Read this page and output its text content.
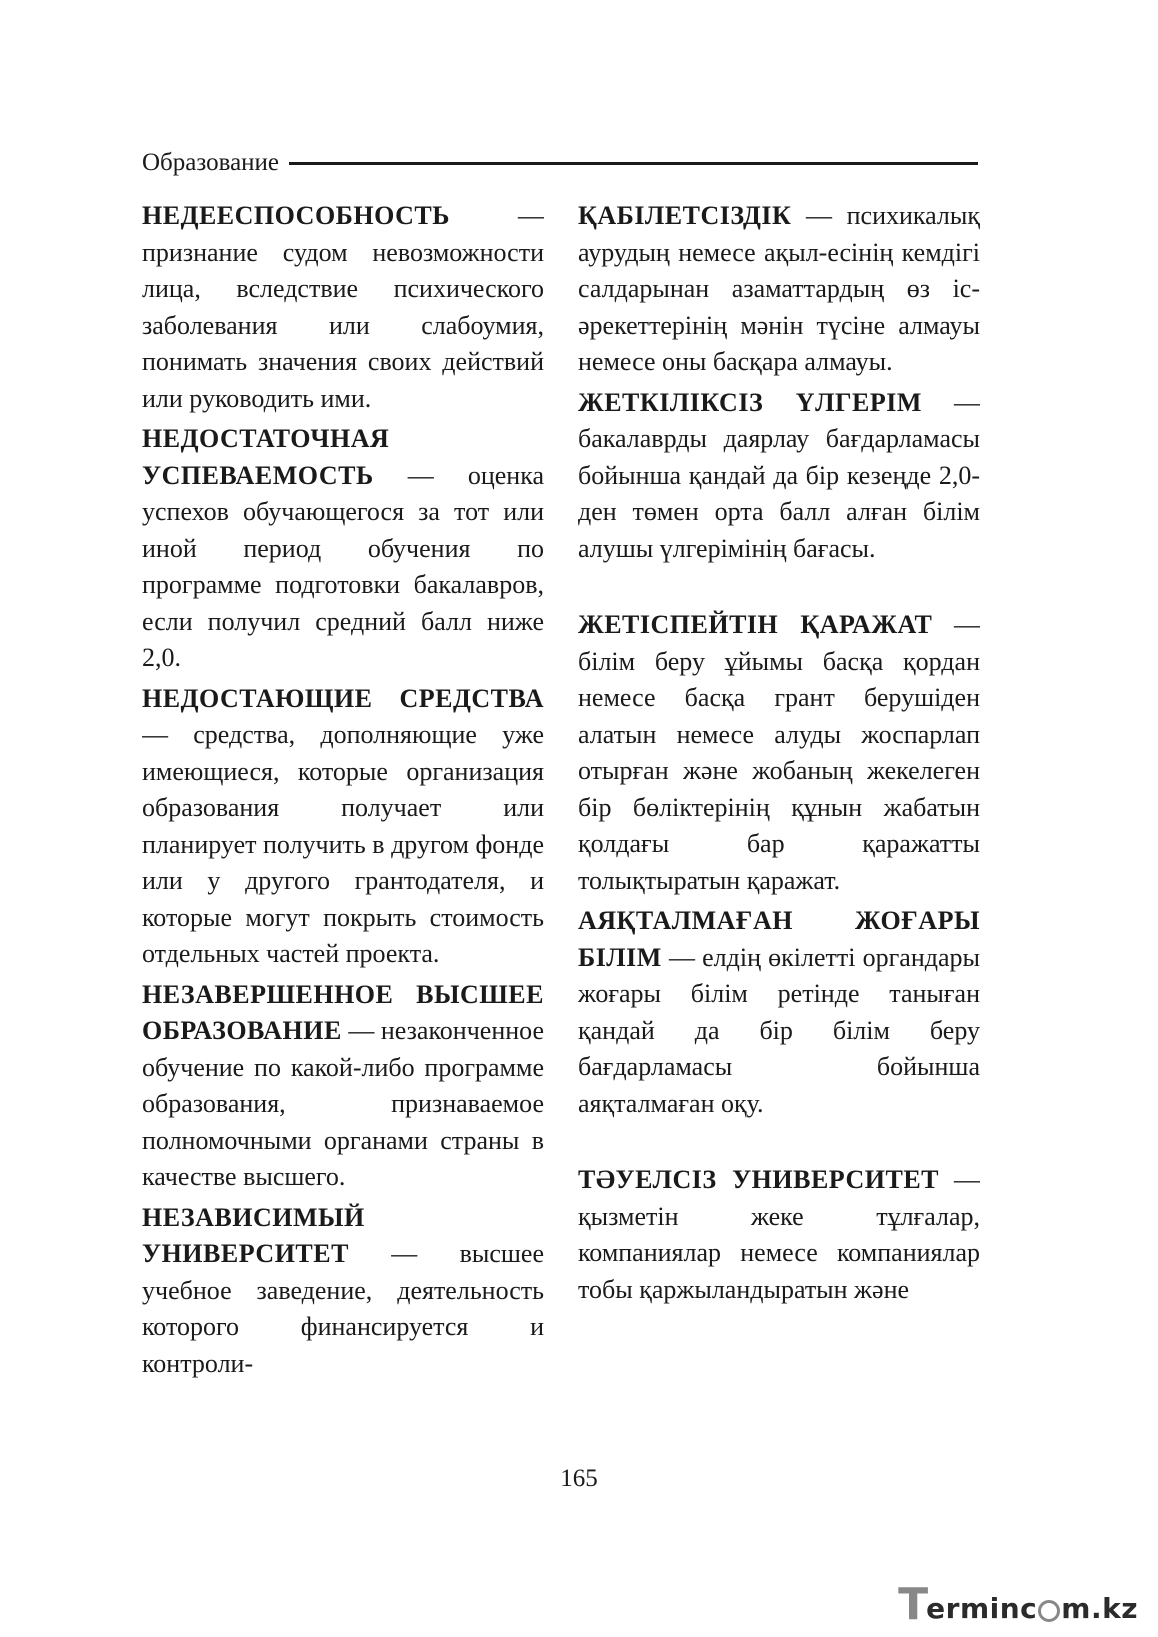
Образование

НЕДЕЕСПОСОБНОСТЬ — признание судом невозможности лица, вследствие психического заболевания или слабоумия, понимать значения своих действий или руководить ими.

НЕДОСТАТОЧНАЯ УСПЕВАЕМОСТЬ — оценка успехов обучающегося за тот или иной период обучения по программе подготовки бакалавров, если получил средний балл ниже 2,0.

НЕДОСТАЮЩИЕ СРЕДСТВА — средства, дополняющие уже имеющиеся, которые организация образования получает или планирует получить в другом фонде или у другого грантодателя, и которые могут покрыть стоимость отдельных частей проекта.

НЕЗАВЕРШЕННОЕ ВЫСШЕЕ ОБРАЗОВАНИЕ — незаконченное обучение по какой-либо программе образования, признаваемое полномочными органами страны в качестве высшего.

НЕЗАВИСИМЫЙ УНИВЕРСИТЕТ — высшее учебное заведение, деятельность которого финансируется и контроли-

ҚАБІЛЕТСІЗДІК — психикалық аурудың немесе ақыл-есінің кемдігі салдарынан азаматтардың өз іс-әрекеттерінің мәнін түсіне алмауы немесе оны басқара алмауы.

ЖЕТКІЛІКСІЗ ҮЛГЕРІМ — бакалаврды даярлау бағдарламасы бойынша қандай да бір кезеңде 2,0-ден төмен орта балл алған білім алушы үлгерімінің бағасы.

ЖЕТІСПЕЙТІН ҚАРАЖАТ — білім беру ұйымы басқа қордан немесе басқа грант берушіден алатын немесе алуды жоспарлап отырған және жобаның жекелеген бір бөліктерінің құнын жабатын қолдағы бар қаражатты толықтыратын қаражат.

АЯҚТАЛМАҒАН ЖОҒАРЫ БІЛІМ — елдің өкілетті органдары жоғары білім ретінде таныған қандай да бір білім беру бағдарламасы бойынша аяқталмаған оқу.

ТӘУЕЛСІЗ УНИВЕРСИТЕТ — қызметін жеке тұлғалар, компаниялар немесе компаниялар тобы қаржыландыратын және

165
T
erminc m.kz
